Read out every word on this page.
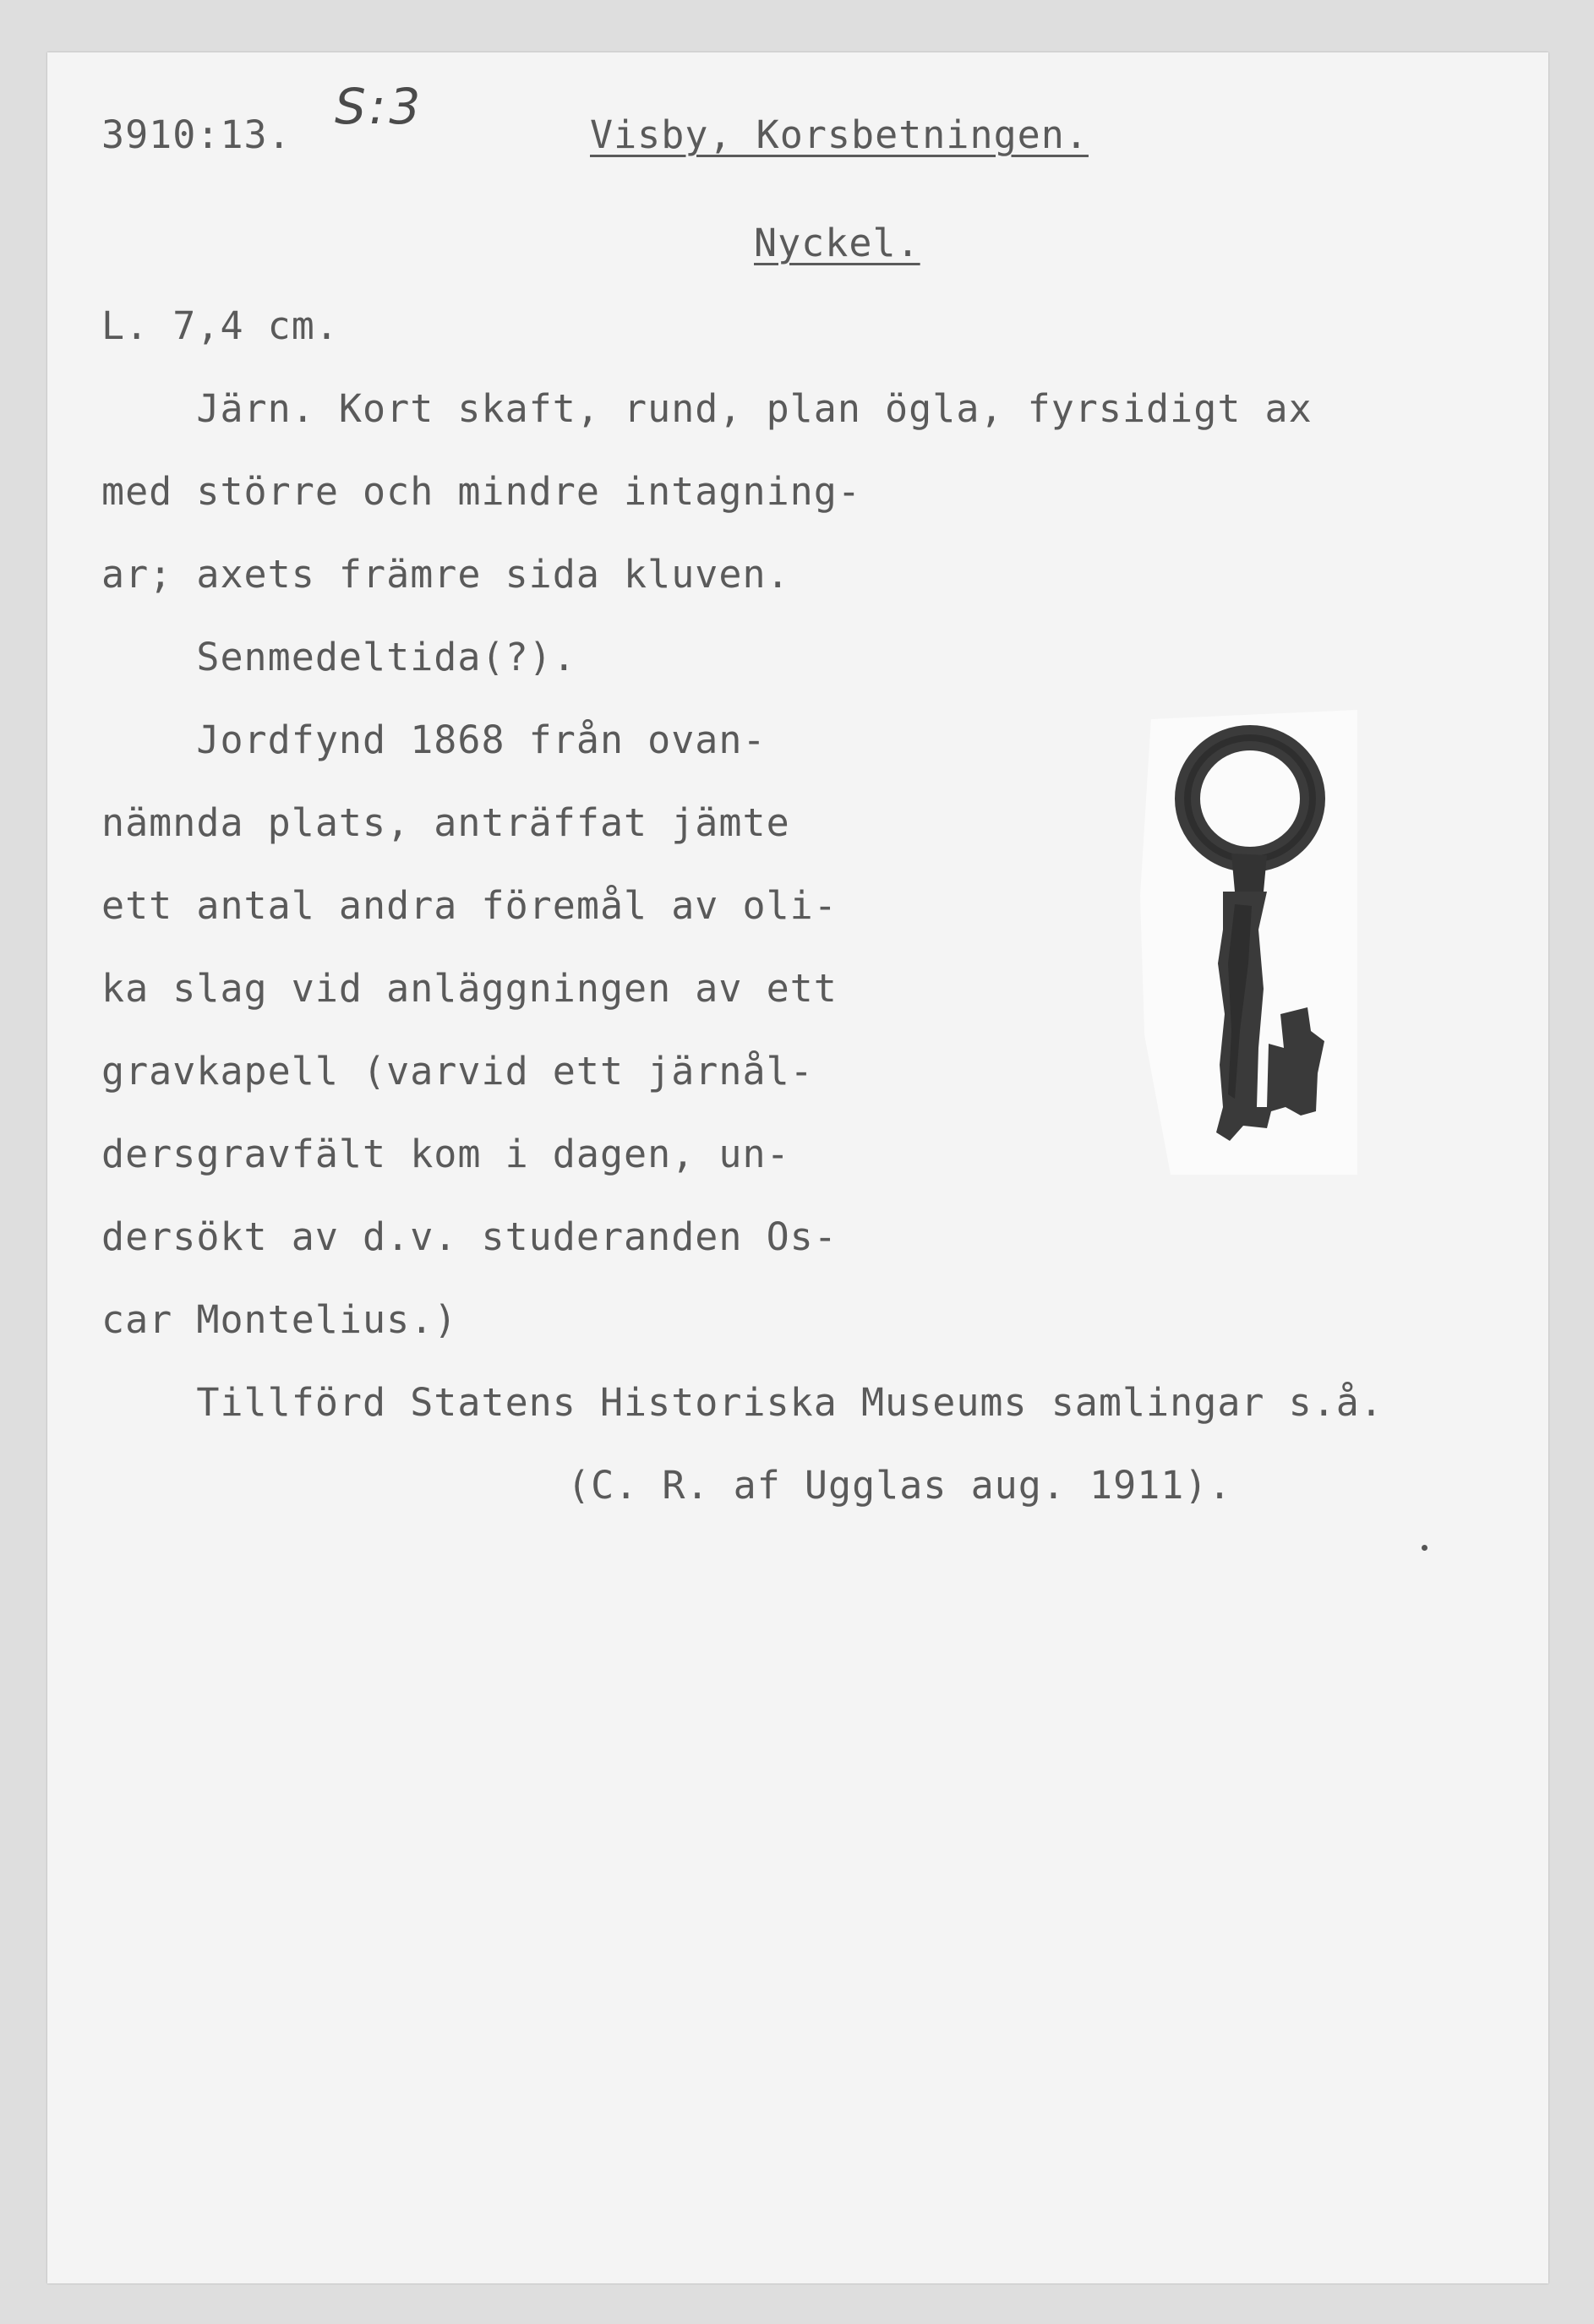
3910:13. S:3	Visby, Korsbetningen.
Nyckel.
L. 7,4 cm.
Järn. Kort skaft, rund, plan ögla, fyrsidigt ax
med större och mindre intagning-
ar; axets främre sida kluven.
Senmedeltida(?).
Jordfynd 1868 från ovan-
nämnda plats, anträffat jämte
ett antal andra föremål av oli-
ka slag vid anläggningen av ett
gravkapell (varvid ett järnål-
dersgravfält kom i dagen, un-
dersökt av d.v. studeranden Os-
car Montelius.)
Tillförd Statens Historiska Museums samlingar s.å.
(C. R. af Ugglas aug. 1911).
